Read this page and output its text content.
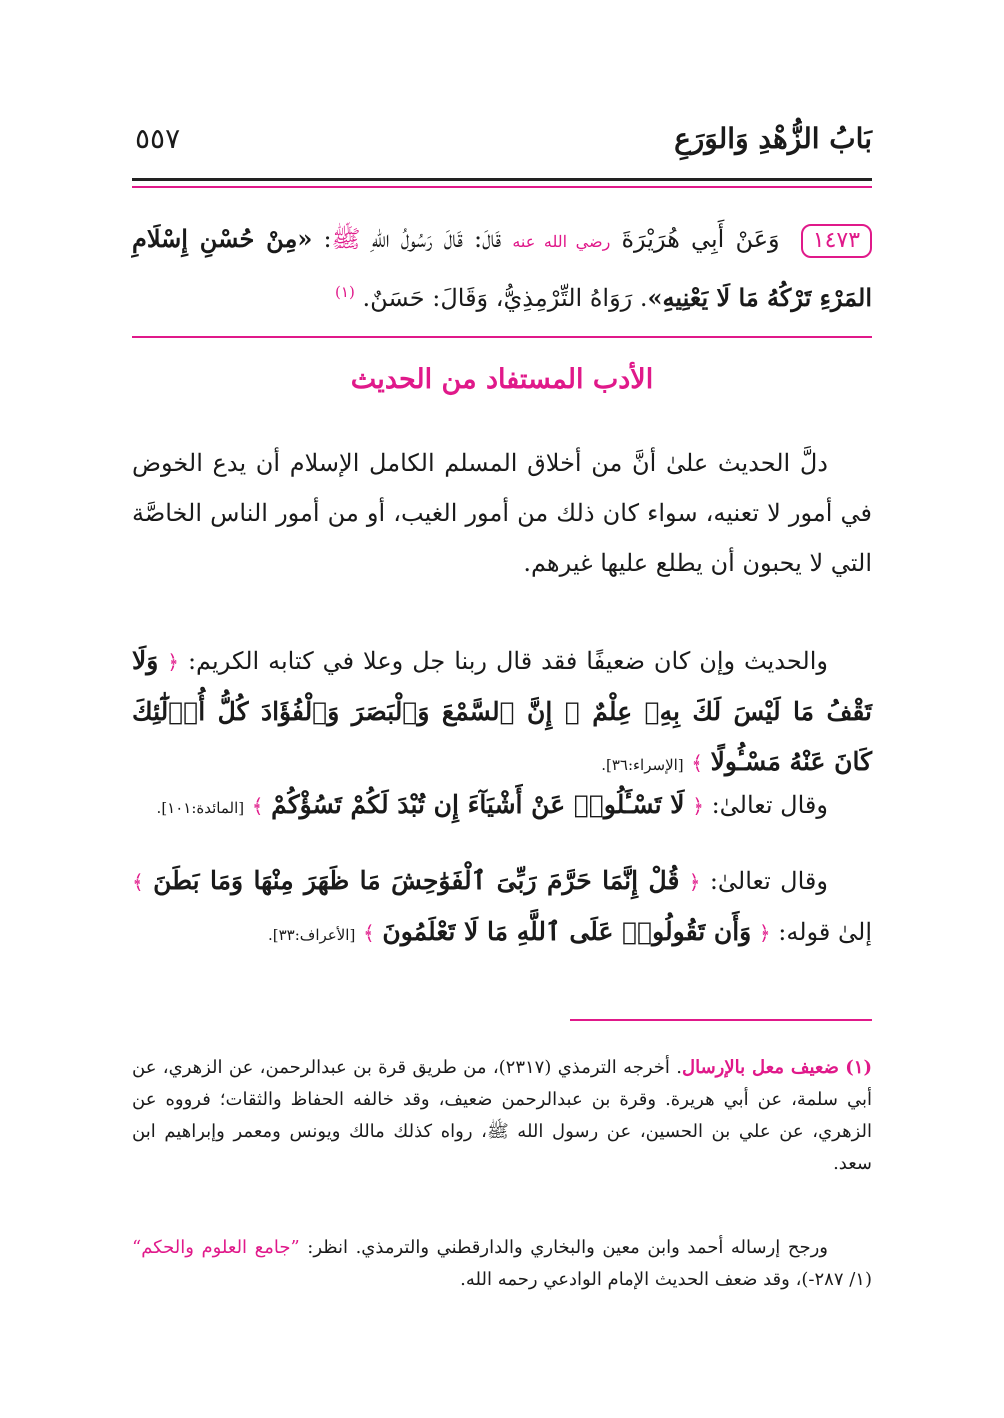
بَابُ الزُّهْدِ وَالوَرَعِ
٥٥٧
١٤٧٣ وَعَنْ أَبِي هُرَيْرَةَ رضي الله عنه قَالَ: قَالَ رَسُولُ اللهِ ﷺ: «مِنْ حُسْنِ إِسْلَامِ المَرْءِ تَرْكُهُ مَا لَا يَعْنِيهِ». رَوَاهُ التِّرْمِذِيُّ، وَقَالَ: حَسَنٌ. $^{(١)}$
الأدب المستفاد من الحديث
دلَّ الحديث علىٰ أنَّ من أخلاق المسلم الكامل الإسلام أن يدع الخوض في أمور لا تعنيه، سواء كان ذلك من أمور الغيب، أو من أمور الناس الخاصَّة التي لا يحبون أن يطلع عليها غيرهم.
والحديث وإن كان ضعيفًا فقد قال ربنا جل وعلا في كتابه الكريم: ﴿ وَلَا تَقْفُ مَا لَيْسَ لَكَ بِهِۦ عِلْمٌ ۚ إِنَّ ٱلسَّمْعَ وَٱلْبَصَرَ وَٱلْفُؤَادَ كُلُّ أُو۟لَٰٓئِكَ كَانَ عَنْهُ مَسْـُٔولًا ﴾ [الإسراء:٣٦].
وقال تعالىٰ: ﴿ لَا تَسْـَٔلُوا۟ عَنْ أَشْيَآءَ إِن تُبْدَ لَكُمْ تَسُؤْكُمْ ﴾ [المائدة:١٠١].
وقال تعالىٰ: ﴿ قُلْ إِنَّمَا حَرَّمَ رَبِّىَ ٱلْفَوَٰحِشَ مَا ظَهَرَ مِنْهَا وَمَا بَطَنَ ﴾ إلىٰ قوله: ﴿ وَأَن تَقُولُوا۟ عَلَى ٱللَّهِ مَا لَا تَعْلَمُونَ ﴾ [الأعراف:٣٣].
(١) ضعيف معل بالإرسال. أخرجه الترمذي (٢٣١٧)، من طريق قرة بن عبدالرحمن، عن الزهري، عن أبي سلمة، عن أبي هريرة. وقرة بن عبدالرحمن ضعيف، وقد خالفه الحفاظ والثقات؛ فرووه عن الزهري، عن علي بن الحسين، عن رسول الله ﷺ، رواه كذلك مالك ويونس ومعمر وإبراهيم ابن سعد.
ورجح إرساله أحمد وابن معين والبخاري والدارقطني والترمذي. انظر: ”جامع العلوم والحكم“ (١/ ٢٨٧-)، وقد ضعف الحديث الإمام الوادعي رحمه الله.
